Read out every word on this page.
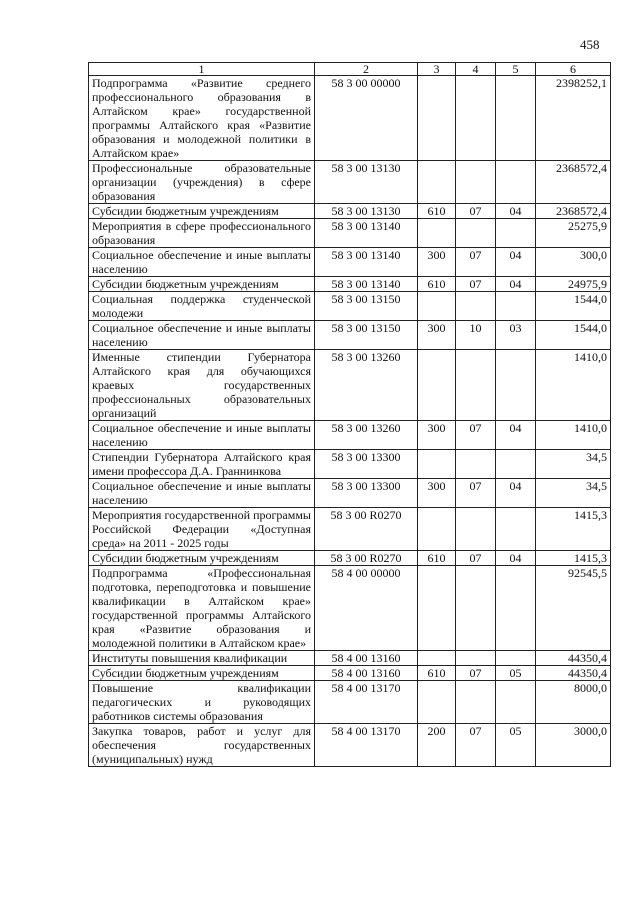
458
1	2	3	4	5	6
Подпрограмма «Развитие среднего профессионального образования в Алтайском крае» государственной программы Алтайского края «Развитие образования и молодежной политики в Алтайском крае»	58 3 00 00000				2398252,1
Профессиональные образовательные организации (учреждения) в сфере образования	58 3 00 13130				2368572,4
Субсидии бюджетным учреждениям	58 3 00 13130	610	07	04	2368572,4
Мероприятия в сфере профессионального образования	58 3 00 13140				25275,9
Социальное обеспечение и иные выплаты населению	58 3 00 13140	300	07	04	300,0
Субсидии бюджетным учреждениям	58 3 00 13140	610	07	04	24975,9
Социальная поддержка студенческой молодежи	58 3 00 13150				1544,0
Социальное обеспечение и иные выплаты населению	58 3 00 13150	300	10	03	1544,0
Именные стипендии Губернатора Алтайского края для обучающихся краевых государственных профессиональных образовательных организаций	58 3 00 13260				1410,0
Социальное обеспечение и иные выплаты населению	58 3 00 13260	300	07	04	1410,0
Стипендии Губернатора Алтайского края имени профессора Д.А. Граннинкова	58 3 00 13300				34,5
Социальное обеспечение и иные выплаты населению	58 3 00 13300	300	07	04	34,5
Мероприятия государственной программы Российской Федерации «Доступная среда» на 2011 - 2025 годы	58 3 00 R0270				1415,3
Субсидии бюджетным учреждениям	58 3 00 R0270	610	07	04	1415,3
Подпрограмма «Профессиональная подготовка, переподготовка и повышение квалификации в Алтайском крае» государственной программы Алтайского края «Развитие образования и молодежной политики в Алтайском крае»	58 4 00 00000				92545,5
Институты повышения квалификации	58 4 00 13160				44350,4
Субсидии бюджетным учреждениям	58 4 00 13160	610	07	05	44350,4
Повышение квалификации педагогических и руководящих работников системы образования	58 4 00 13170				8000,0
Закупка товаров, работ и услуг для обеспечения государственных (муниципальных) нужд	58 4 00 13170	200	07	05	3000,0
